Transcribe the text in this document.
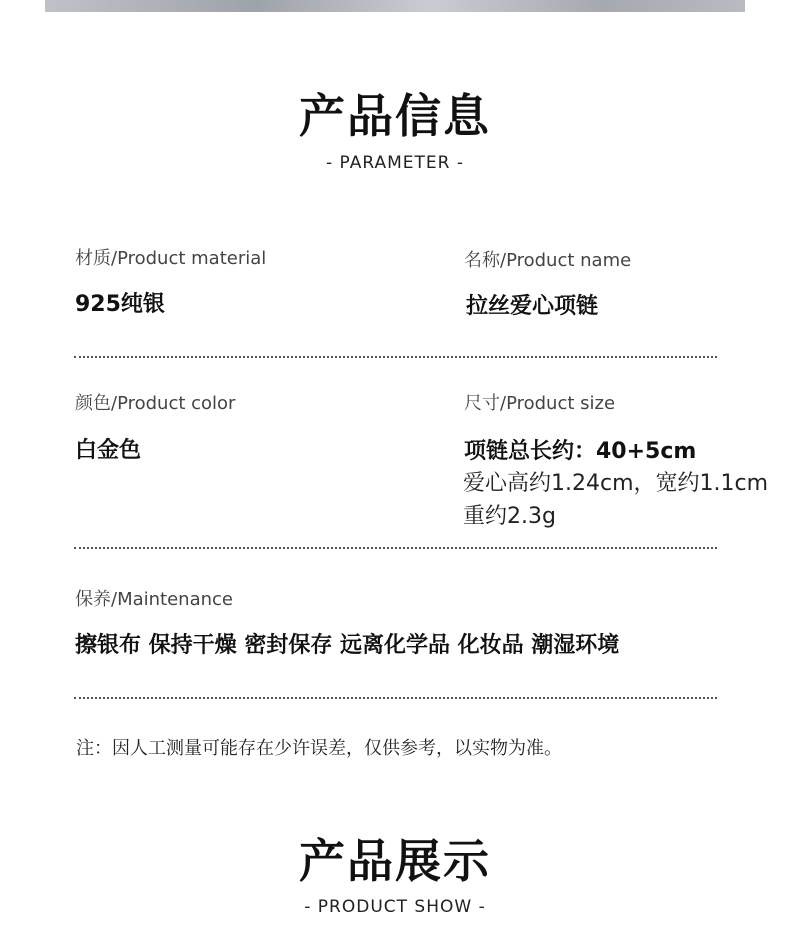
产品信息
- PARAMETER -
材质/Product material
925纯银
名称/Product name
拉丝爱心项链
颜色/Product color
白金色
尺寸/Product size
项链总长约：40+5cm
爱心高约1.24cm，宽约1.1cm
重约2.3g
保养/Maintenance
擦银布 保持干燥 密封保存 远离化学品 化妆品 潮湿环境
注：因人工测量可能存在少许误差，仅供参考，以实物为准。
产品展示
- PRODUCT SHOW -
